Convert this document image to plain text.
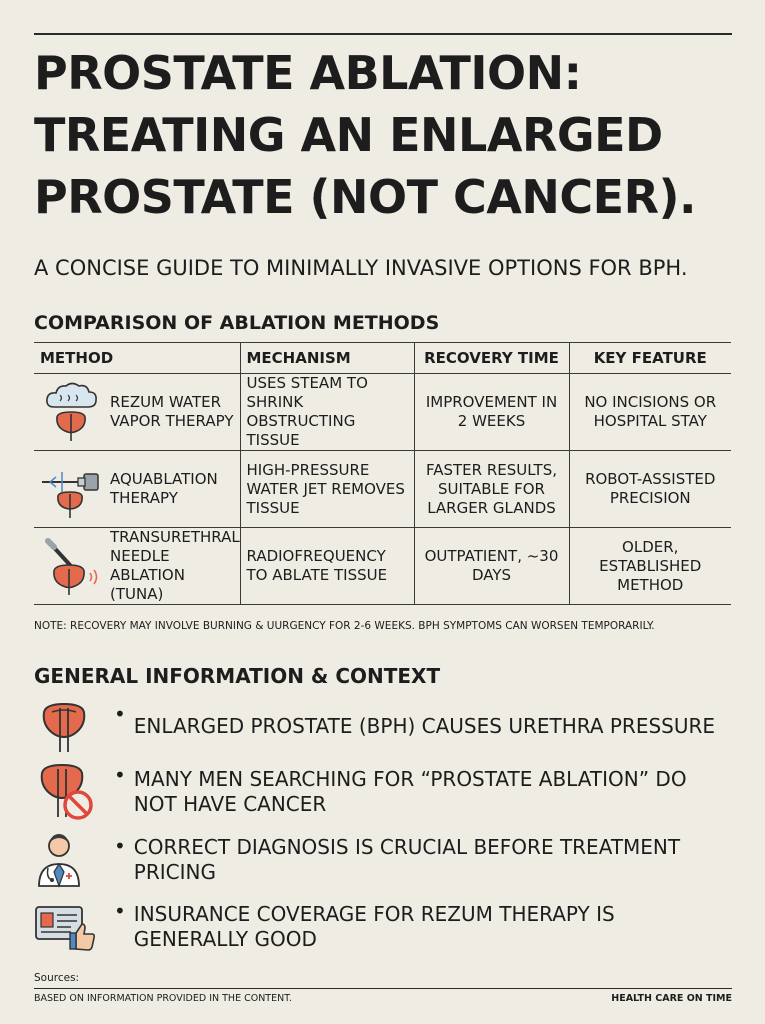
PROSTATE ABLATION:
TREATING AN ENLARGED
PROSTATE (NOT CANCER).
A CONCISE GUIDE TO MINIMALLY INVASIVE OPTIONS FOR BPH.
COMPARISON OF ABLATION METHODS
METHOD	MECHANISM	RECOVERY TIME	KEY FEATURE

REZUM WATER VAPOR THERAPY	USES STEAM TO SHRINK OBSTRUCTING TISSUE	IMPROVEMENT IN 2 WEEKS	NO INCISIONS OR HOSPITAL STAY

AQUABLATION THERAPY	HIGH-PRESSURE WATER JET REMOVES TISSUE	FASTER RESULTS, SUITABLE FOR LARGER GLANDS	ROBOT-ASSISTED PRECISION

TRANSURETHRAL NEEDLE ABLATION (TUNA)	RADIOFREQUENCY TO ABLATE TISSUE	OUTPATIENT, ~30 DAYS	OLDER, ESTABLISHED METHOD
NOTE: RECOVERY MAY INVOLVE BURNING & UURGENCY FOR 2-6 WEEKS. BPH SYMPTOMS CAN WORSEN TEMPORARILY.
GENERAL INFORMATION & CONTEXT
• ENLARGED PROSTATE (BPH) CAUSES URETHRA PRESSURE
• MANY MEN SEARCHING FOR “PROSTATE ABLATION” DO NOT HAVE CANCER
• CORRECT DIAGNOSIS IS CRUCIAL BEFORE TREATMENT PRICING
• INSURANCE COVERAGE FOR REZUM THERAPY IS GENERALLY GOOD
Sources:
BASED ON INFORMATION PROVIDED IN THE CONTENT.	HEALTH CARE ON TIME
